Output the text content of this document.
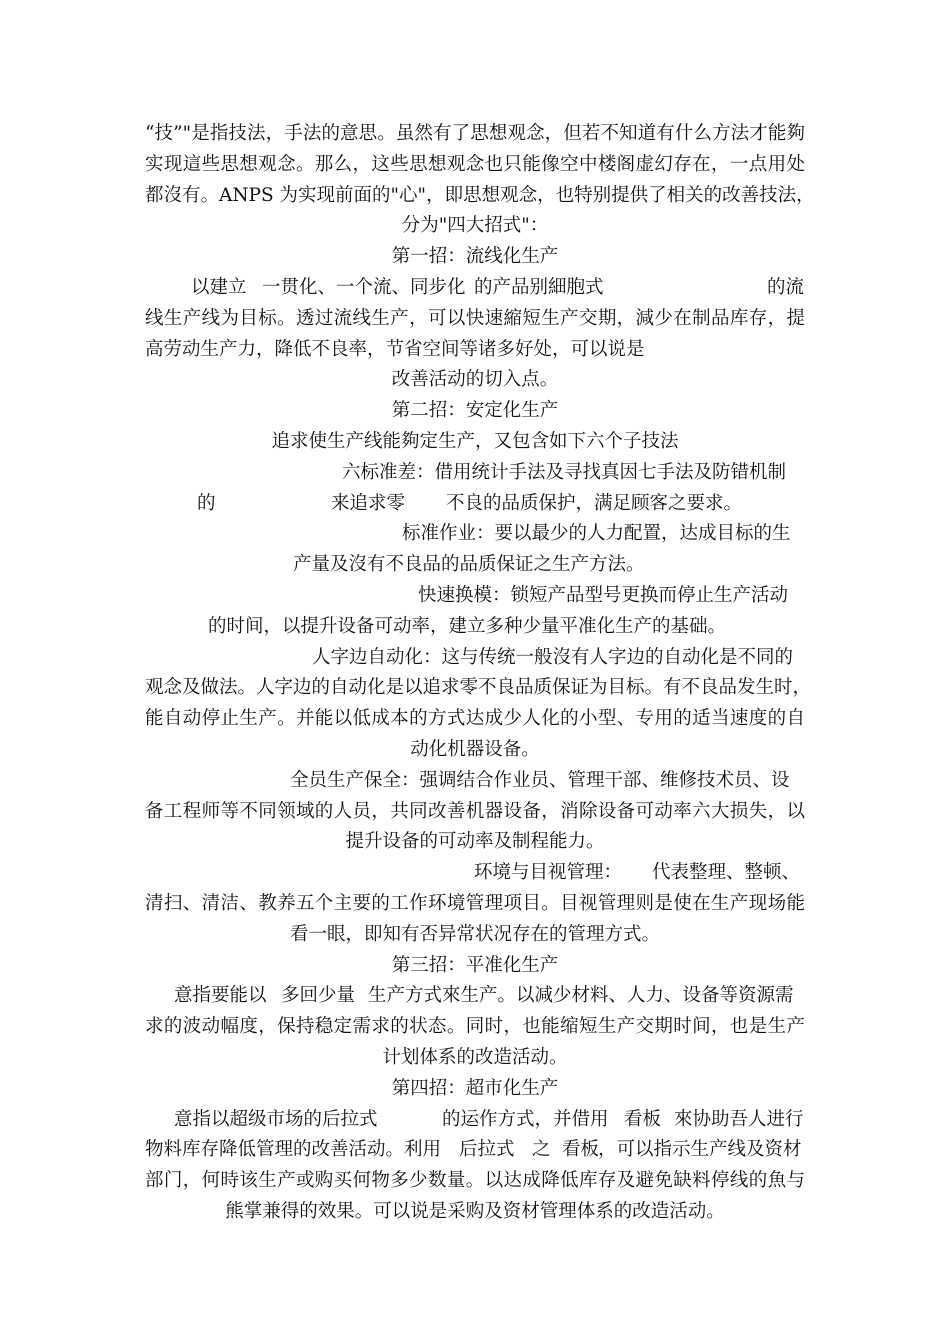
“技”"是指技法，手法的意思。虽然有了思想观念，但若不知道有什么方法才能夠
实现這些思想观念。那么，这些思想观念也只能像空中楼阁虚幻存在，一点用处
都沒有。ANPS 为实现前面的"心"，即思想观念，也特别提供了相关的改善技法，
分为"四大招式"：
第一招：流线化生产
以建立 一贯化、一个流、同步化 的产品别細胞式	的流
线生产线为目标。透过流线生产，可以快速縮短生产交期，減少在制品库存，提
高劳动生产力，降低不良率，节省空间等诸多好处，可以说是
改善活动的切入点。
第二招：安定化生产
追求使生产线能夠定生产，又包含如下六个子技法
六标准差：借用统计手法及寻找真因七手法及防错机制
的	来追求零 不良的品质保护，满足顾客之要求。
标准作业：要以最少的人力配置，达成目标的生
产量及沒有不良品的品质保证之生产方法。
快速换模：锁短产品型号更换而停止生产活动
的时间，以提升设备可动率，建立多种少量平准化生产的基础。
人字边自动化：这与传统一般沒有人字边的自动化是不同的
观念及做法。人字边的自动化是以追求零不良品质保证为目标。有不良品发生时，
能自动停止生产。并能以低成本的方式达成少人化的小型、专用的适当速度的自
动化机器设备。
全员生产保全：强调结合作业员、管理干部、维修技术员、设
备工程师等不同领域的人员，共同改善机器设备，消除设备可动率六大损失，以
提升设备的可动率及制程能力。
环境与目视管理： 代表整理、整顿、
清扫、清洁、教养五个主要的工作环境管理项目。目视管理则是使在生产现场能
看一眼，即知有否异常状况存在的管理方式。
第三招：平准化生产
意指要能以 多回少量 生产方式來生产。以减少材料、人力、设备等资源需
求的波动幅度，保持稳定需求的状态。同时，也能缩短生产交期时间，也是生产
计划体系的改造活动。
第四招：超市化生产
意指以超级市场的后拉式	的运作方式，并借用 看板 來协助吾人进行
物料库存降低管理的改善活动。利用 后拉式 之 看板
，可以指示生产线及资材
部门，何時该生产或购买何物多少数量。以达成降低库存及避免缺料停线的魚与
熊掌兼得的效果。可以说是采购及资材管理体系的改造活动。
